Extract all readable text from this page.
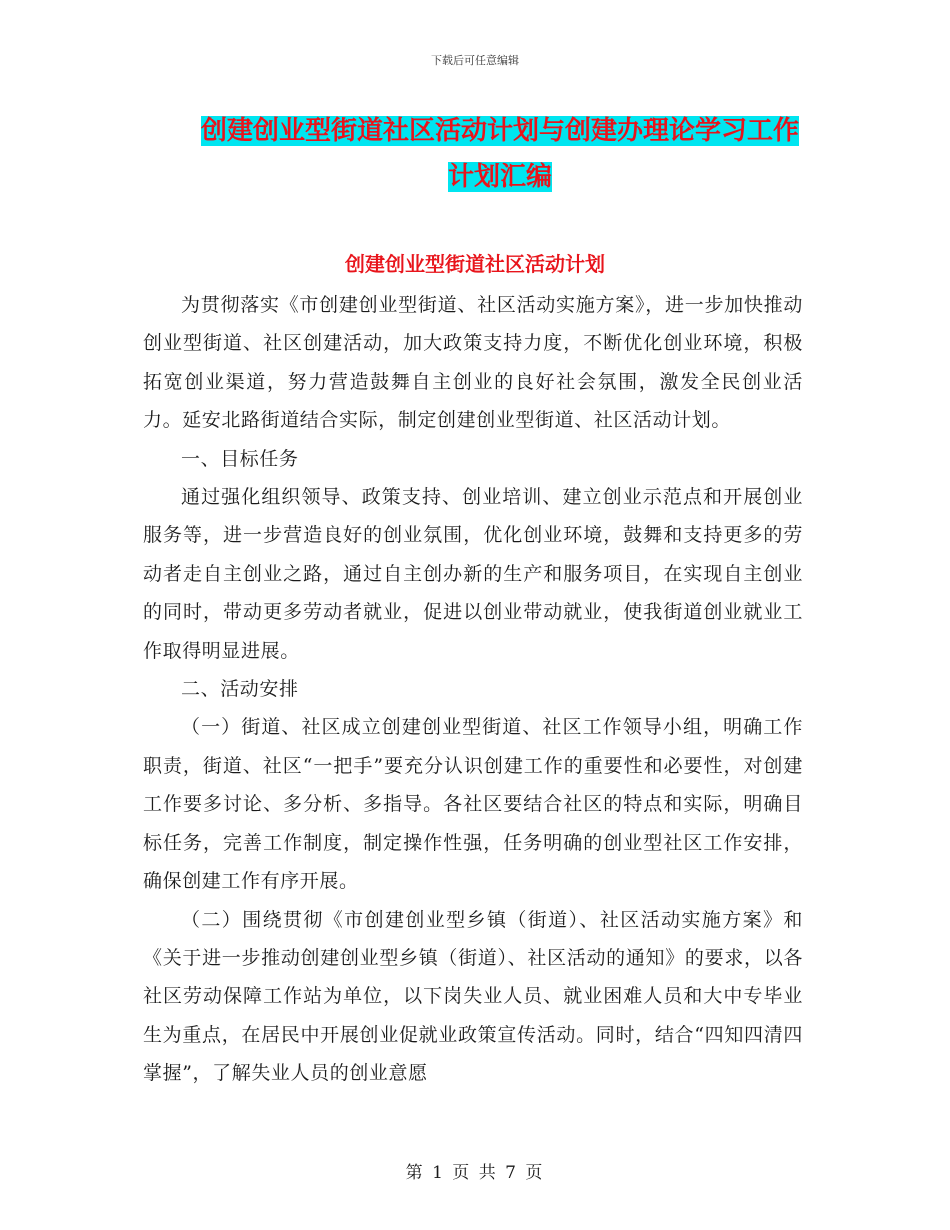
下载后可任意编辑
创建创业型街道社区活动计划与创建办理论学习工作
计划汇编
创建创业型街道社区活动计划

为贯彻落实《市创建创业型街道、社区活动实施方案》，进一步加快推动创业型街道、社区创建活动，加大政策支持力度，不断优化创业环境，积极拓宽创业渠道，努力营造鼓舞自主创业的良好社会氛围，激发全民创业活力。延安北路街道结合实际，制定创建创业型街道、社区活动计划。

一、目标任务

通过强化组织领导、政策支持、创业培训、建立创业示范点和开展创业服务等，进一步营造良好的创业氛围，优化创业环境，鼓舞和支持更多的劳动者走自主创业之路，通过自主创办新的生产和服务项目，在实现自主创业的同时，带动更多劳动者就业，促进以创业带动就业，使我街道创业就业工作取得明显进展。

二、活动安排

（一）街道、社区成立创建创业型街道、社区工作领导小组，明确工作职责，街道、社区“一把手”要充分认识创建工作的重要性和必要性，对创建工作要多讨论、多分析、多指导。各社区要结合社区的特点和实际，明确目标任务，完善工作制度，制定操作性强，任务明确的创业型社区工作安排，确保创建工作有序开展。

（二）围绕贯彻《市创建创业型乡镇（街道）、社区活动实施方案》和《关于进一步推动创建创业型乡镇（街道）、社区活动的通知》的要求，以各社区劳动保障工作站为单位，以下岗失业人员、就业困难人员和大中专毕业生为重点，在居民中开展创业促就业政策宣传活动。同时，结合“四知四清四掌握”，了解失业人员的创业意愿

第 1 页 共 7 页
